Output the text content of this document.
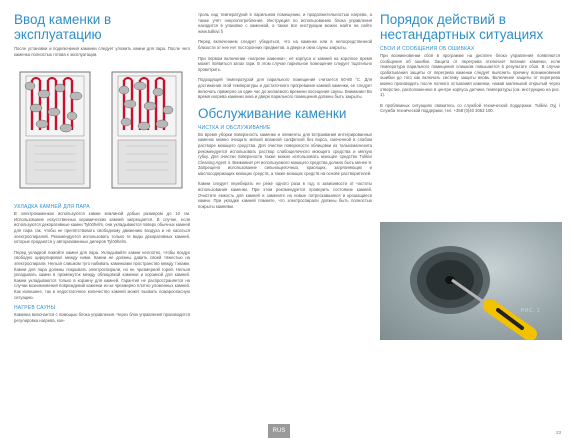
Ввод каменки в эксплуатацию

После установки и подключения каменки следует уложить камни для пара. После чего каменка полностью готова к эксплуатации.

УКЛАДКА КАМНЕЙ ДЛЯ ПАРА

В электрокаменках используются камни землиной добыи размером до 10 см. Использование искусственных керамических камней запрещается. В случае, если используются декоративные камни Tylööhelm, они укладываются поверх обычных камней для пара так, чтобы не препятствовать свободному движению воздуха и не касаться электроспиралей. Рекомендуется использовать только те виды декоративных камней, которые продаются у авторизованных дилеров Tylööhelm.

Перед укладкой помойте камни для пара. Укладывайте камни неплотно, чтобы воздух свободно циркулировал между ними. Камни не должны давить своей тяжестью на электроспирали. Нельзя слишком туго набивать каменками пространство между тэнами. Камни для пара должны покрывать электроспирали, но не чрезмерной горой. Нельзя укладывать камни в промежуток между облицовкой каменки и корзиной для камней. Камни укладываются только в корзину для камней. Гарантия не распространяется на случаи возникновения повреждений каменки из-за чрезмерно плотно уложенных камней. Как излишнее, так и недостаточное количество камней может вызвать пожароопасную ситуацию.

НАГРЕВ САУНЫ

Каменка включается с помощью блока управления. Через блок управления производится регулировка нагрева, кон-

троль над температурой в парильном помещении, и продолжительностью нагрева, а также учёт энергопотребления. Инструкция по использованию блока управления находится в упаковке с каменкой, а также все инструкции можно найти на сайте www.tulikivi.fi

Перед включением следует убедиться, что на каменке или в непосредственной близости от нее нет посторонних предметов, а двери и окна сауны закрыты.

При первом включении «нагреве каменки», её корпуса и камней на короткое время может появиться запах гари. В этом случае парильное помещение следует тщательно проветрить.

Подходящей температурой для парильного помещения считается 60-80 °C. Для достижения этой температуры и достаточного прогревания камней каменки, ее следует включать примерно за один час до желаемого времени посещения сауны. Внимание! Во время нагрева каменки окна и двери парильного помещения должны быть закрыты.

Обслуживание каменки
ЧИСТКА И ОБСЛУЖИВАНИЕ

Во время уборки поверхность каменки и элементы для встраивания интегрированных каменок можно очищать мягкой влажной салфеткой без ворса, смоченной в слабом растворе моющего средства. Для очистки поверхности облицовки из талькомагнезита рекомендуется использовать раствор слабощелочного моющего средства и мягкую губку. Для очистки поверхности также можно использовать моющее средство Tulikivi Cleaning Agent 4. Внимание! pH используемого моющего средства должно быть менее 9. Запрещено использование сильнощелочных, красящих, загрязняющих и маслосодержащих моющих средств, а также моющих средств на основе растворителей.

Камни следует перебирать не реже одного раза в год, в зависимости от частоты использования каменки. При этом рекомендуется проверить состояние камней. Очистите емкость для камней и замените на новые потрескавшиеся и крошащиеся камни. При укладке камней помните, что электроспирали должны быть полностью покрыты камнями.

Порядок действий в нестандартных ситуациях
СБОИ И СООБЩЕНИЯ ОБ ОШИБКАХ

При возникновении сбоя в программе на дисплее блока управления появляются сообщения об ошибке. Защита от перегрева отключает питание каменки, если температура парильного помещения слишком повышается в результате сбоя. В случае срабатывания защиты от перегрева каменки следует выяснить причину возникновения ошибки до того как включать систему защиты вновь. Включение защиты от перегрева можно производить после полного остывания каменки, нажав маленький открытый через отверстие, расположенное в центре корпуса датчика температуры (см. инструкцию на рис. 1).

В проблемных ситуациях свяжитесь со службой технической поддержки. Tulikivi Oyj / Служба технической поддержки, тел. +358 (0)40 3063 100.

РИС. 1
RUS	23
